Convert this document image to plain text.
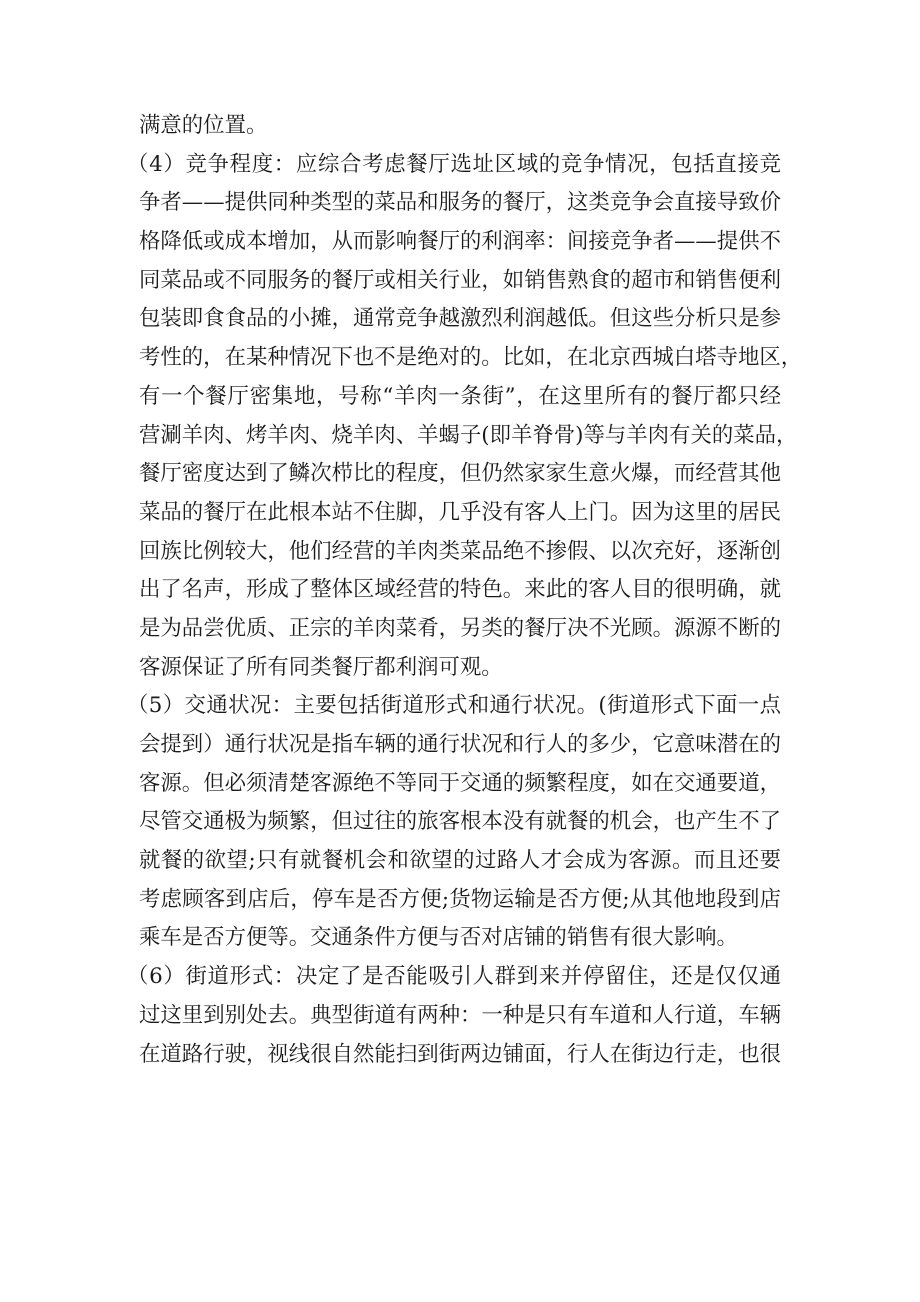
满意的位置。
（4）竞争程度：应综合考虑餐厅选址区域的竞争情况，包括直接竞
争者——提供同种类型的菜品和服务的餐厅，这类竞争会直接导致价
格降低或成本增加，从而影响餐厅的利润率：间接竞争者——提供不
同菜品或不同服务的餐厅或相关行业，如销售熟食的超市和销售便利
包装即食食品的小摊，通常竞争越激烈利润越低。但这些分析只是参
考性的，在某种情况下也不是绝对的。比如，在北京西城白塔寺地区，
有一个餐厅密集地，号称“羊肉一条街”，在这里所有的餐厅都只经
营涮羊肉、烤羊肉、烧羊肉、羊蝎子(即羊脊骨)等与羊肉有关的菜品，
餐厅密度达到了鳞次栉比的程度，但仍然家家生意火爆，而经营其他
菜品的餐厅在此根本站不住脚，几乎没有客人上门。因为这里的居民
回族比例较大，他们经营的羊肉类菜品绝不掺假、以次充好，逐渐创
出了名声，形成了整体区域经营的特色。来此的客人目的很明确，就
是为品尝优质、正宗的羊肉菜肴，另类的餐厅决不光顾。源源不断的
客源保证了所有同类餐厅都利润可观。
（5）交通状况：主要包括街道形式和通行状况。(街道形式下面一点
会提到）通行状况是指车辆的通行状况和行人的多少，它意味潜在的
客源。但必须清楚客源绝不等同于交通的频繁程度，如在交通要道，
尽管交通极为频繁，但过往的旅客根本没有就餐的机会，也产生不了
就餐的欲望;只有就餐机会和欲望的过路人才会成为客源。而且还要
考虑顾客到店后，停车是否方便;货物运输是否方便;从其他地段到店
乘车是否方便等。交通条件方便与否对店铺的销售有很大影响。
（6）街道形式：决定了是否能吸引人群到来并停留住，还是仅仅通
过这里到别处去。典型街道有两种：一种是只有车道和人行道，车辆
在道路行驶，视线很自然能扫到街两边铺面，行人在街边行走，也很
